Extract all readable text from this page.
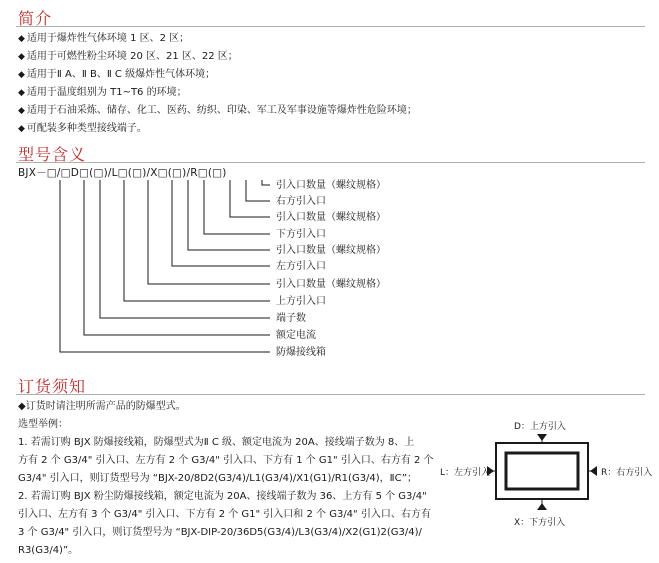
简介
◆ 适用于爆炸性气体环境 1 区、2 区；
◆ 适用于可燃性粉尘环境 20 区、21 区、22 区；
◆ 适用于Ⅱ A、Ⅱ B、Ⅱ C 级爆炸性气体环境；
◆ 适用于温度组别为 T1~T6 的环境；
◆ 适用于石油采炼、储存、化工、医药、纺织、印染、军工及军事设施等爆炸性危险环境；
◆ 可配装多种类型接线端子。
型号含义
BJX－□/□D□(□)/L□(□)/X□(□)/R□(□)
引入口数量（螺纹规格）
右方引入口
引入口数量（螺纹规格）
下方引入口
引入口数量（螺纹规格）
左方引入口
引入口数量（螺纹规格）
上方引入口
端子数
额定电流
防爆接线箱
订货须知
◆订货时请注明所需产品的防爆型式。
选型举例：
1. 若需订购 BJX 防爆接线箱，防爆型式为Ⅱ C 级、额定电流为 20A、接线端子数为 8、上
方有 2 个 G3/4" 引入口、左方有 2 个 G3/4" 引入口、下方有 1 个 G1" 引入口、右方有 2 个
G3/4" 引入口，则订货型号为 “BJX-20/8D2(G3/4)/L1(G3/4)/X1(G1)/R1(G3/4)，ⅡC”；
2. 若需订购 BJX 粉尘防爆接线箱，额定电流为 20A、接线端子数为 36、上方有 5 个 G3/4"
引入口、左方有 3 个 G3/4" 引入口、下方有 2 个 G1" 引入口和 2 个 G3/4" 引入口、右方有
3 个 G3/4" 引入口，则订货型号为 “BJX-DIP-20/36D5(G3/4)/L3(G3/4)/X2(G1)2(G3/4)/
R3(G3/4)”。
D：上方引入
L：左方引入	R：右方引入
X：下方引入
